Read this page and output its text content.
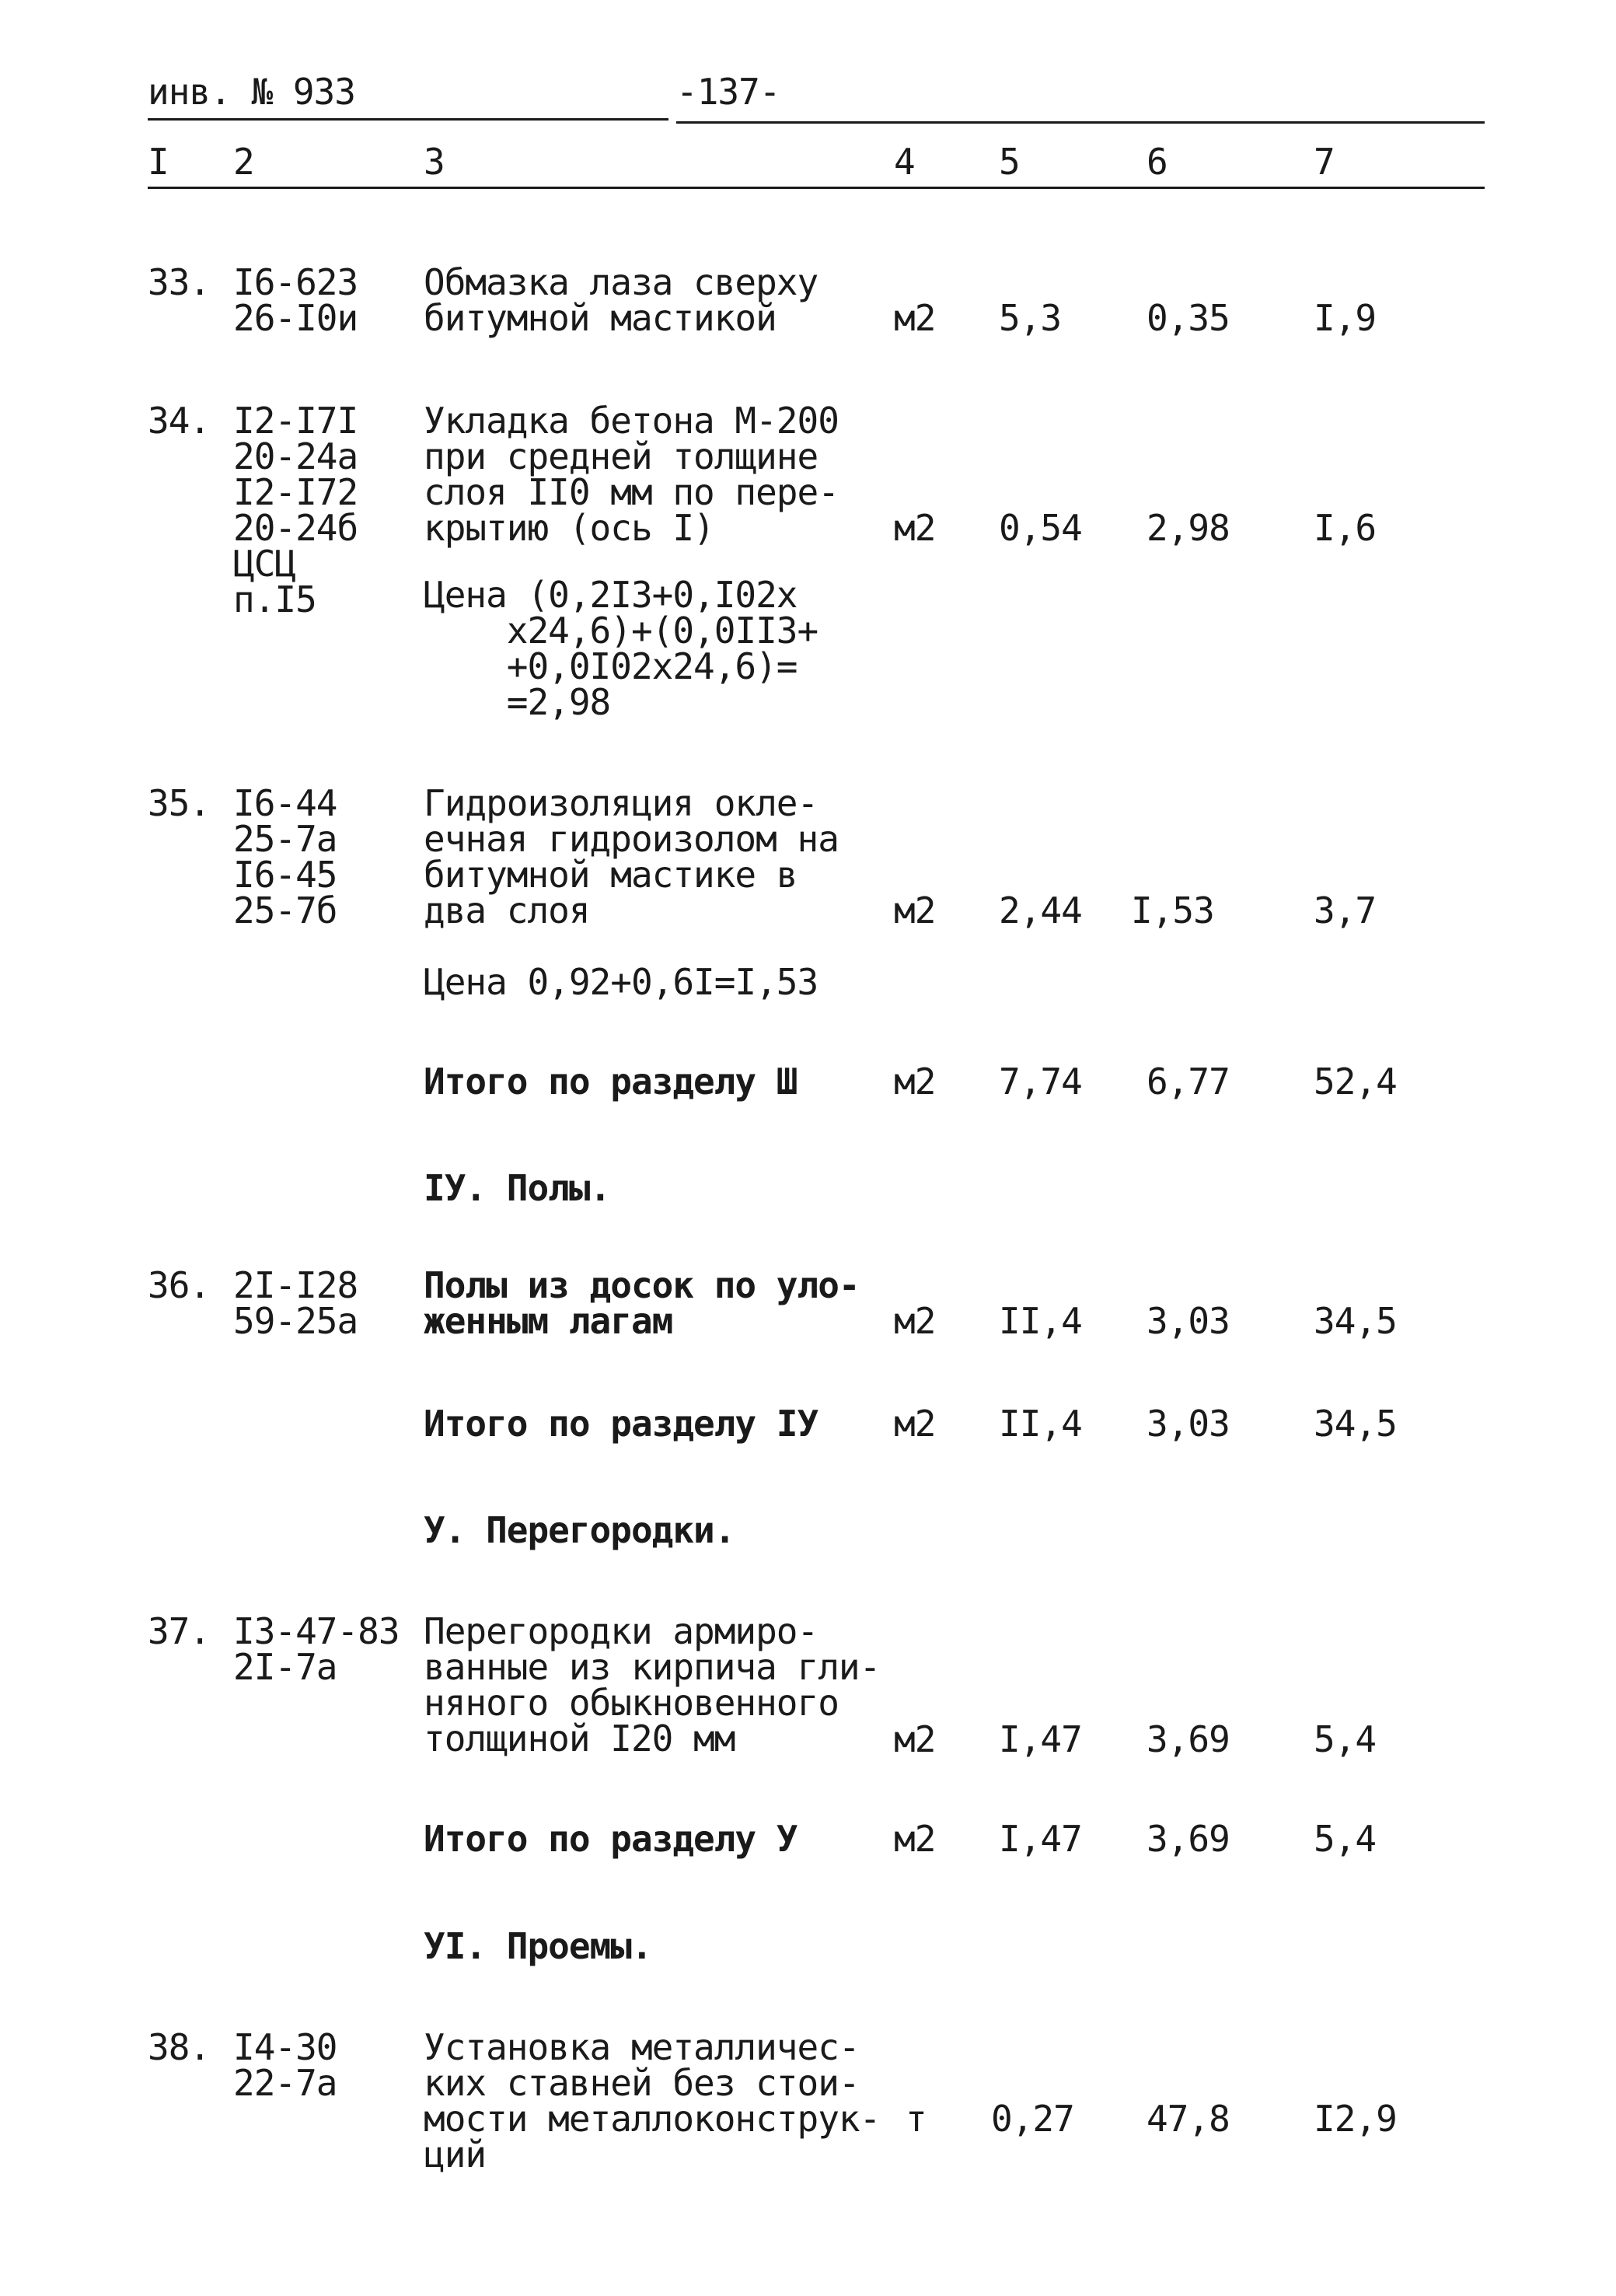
инв. № 933	-137-
I 2	3	4 5	6	7
33. I6-623
26-I0и
Обмазка лаза сверху
битумной мастикой	м2 5,3 0,35 I,9
34. I2-I7I
20-24a
I2-I72
20-24б
ЦСЦ
п.I5
Укладка бетона М-200
при средней толщине
слоя II0 мм по пере-
крытию (ось I)	м2 0,54 2,98 I,6
Цена (0,2I3+0,I02х
х24,6)+(0,0II3+
+0,0I02х24,6)=
=2,98
35. I6-44
25-7a
I6-45
25-7б
Гидроизоляция окле-
ечная гидроизолом на
битумной мастике в
два слоя	м2 2,44 I,53	3,7
Цена 0,92+0,6I=I,53
Итого по разделу Ш	м2 7,74 6,77 52,4
IУ. Полы.
36. 2I-I28
59-25a
Полы из досок по уло-
женным лагам	м2 II,4 3,03 34,5
Итого по разделу IУ м2 II,4 3,03 34,5
У. Перегородки.
37. I3-47-83
2I-7a
Перегородки армиро-
ванные из кирпича гли-
няного обыкновенного
толщиной I20 мм	м2 I,47 3,69 5,4
Итого по разделу У	м2 I,47 3,69 5,4
УI. Проемы.
38. I4-30
22-7a
Установка металличес-
ких ставней без стои-
мости металлоконструк-
ций
т 0,27 47,8 I2,9
